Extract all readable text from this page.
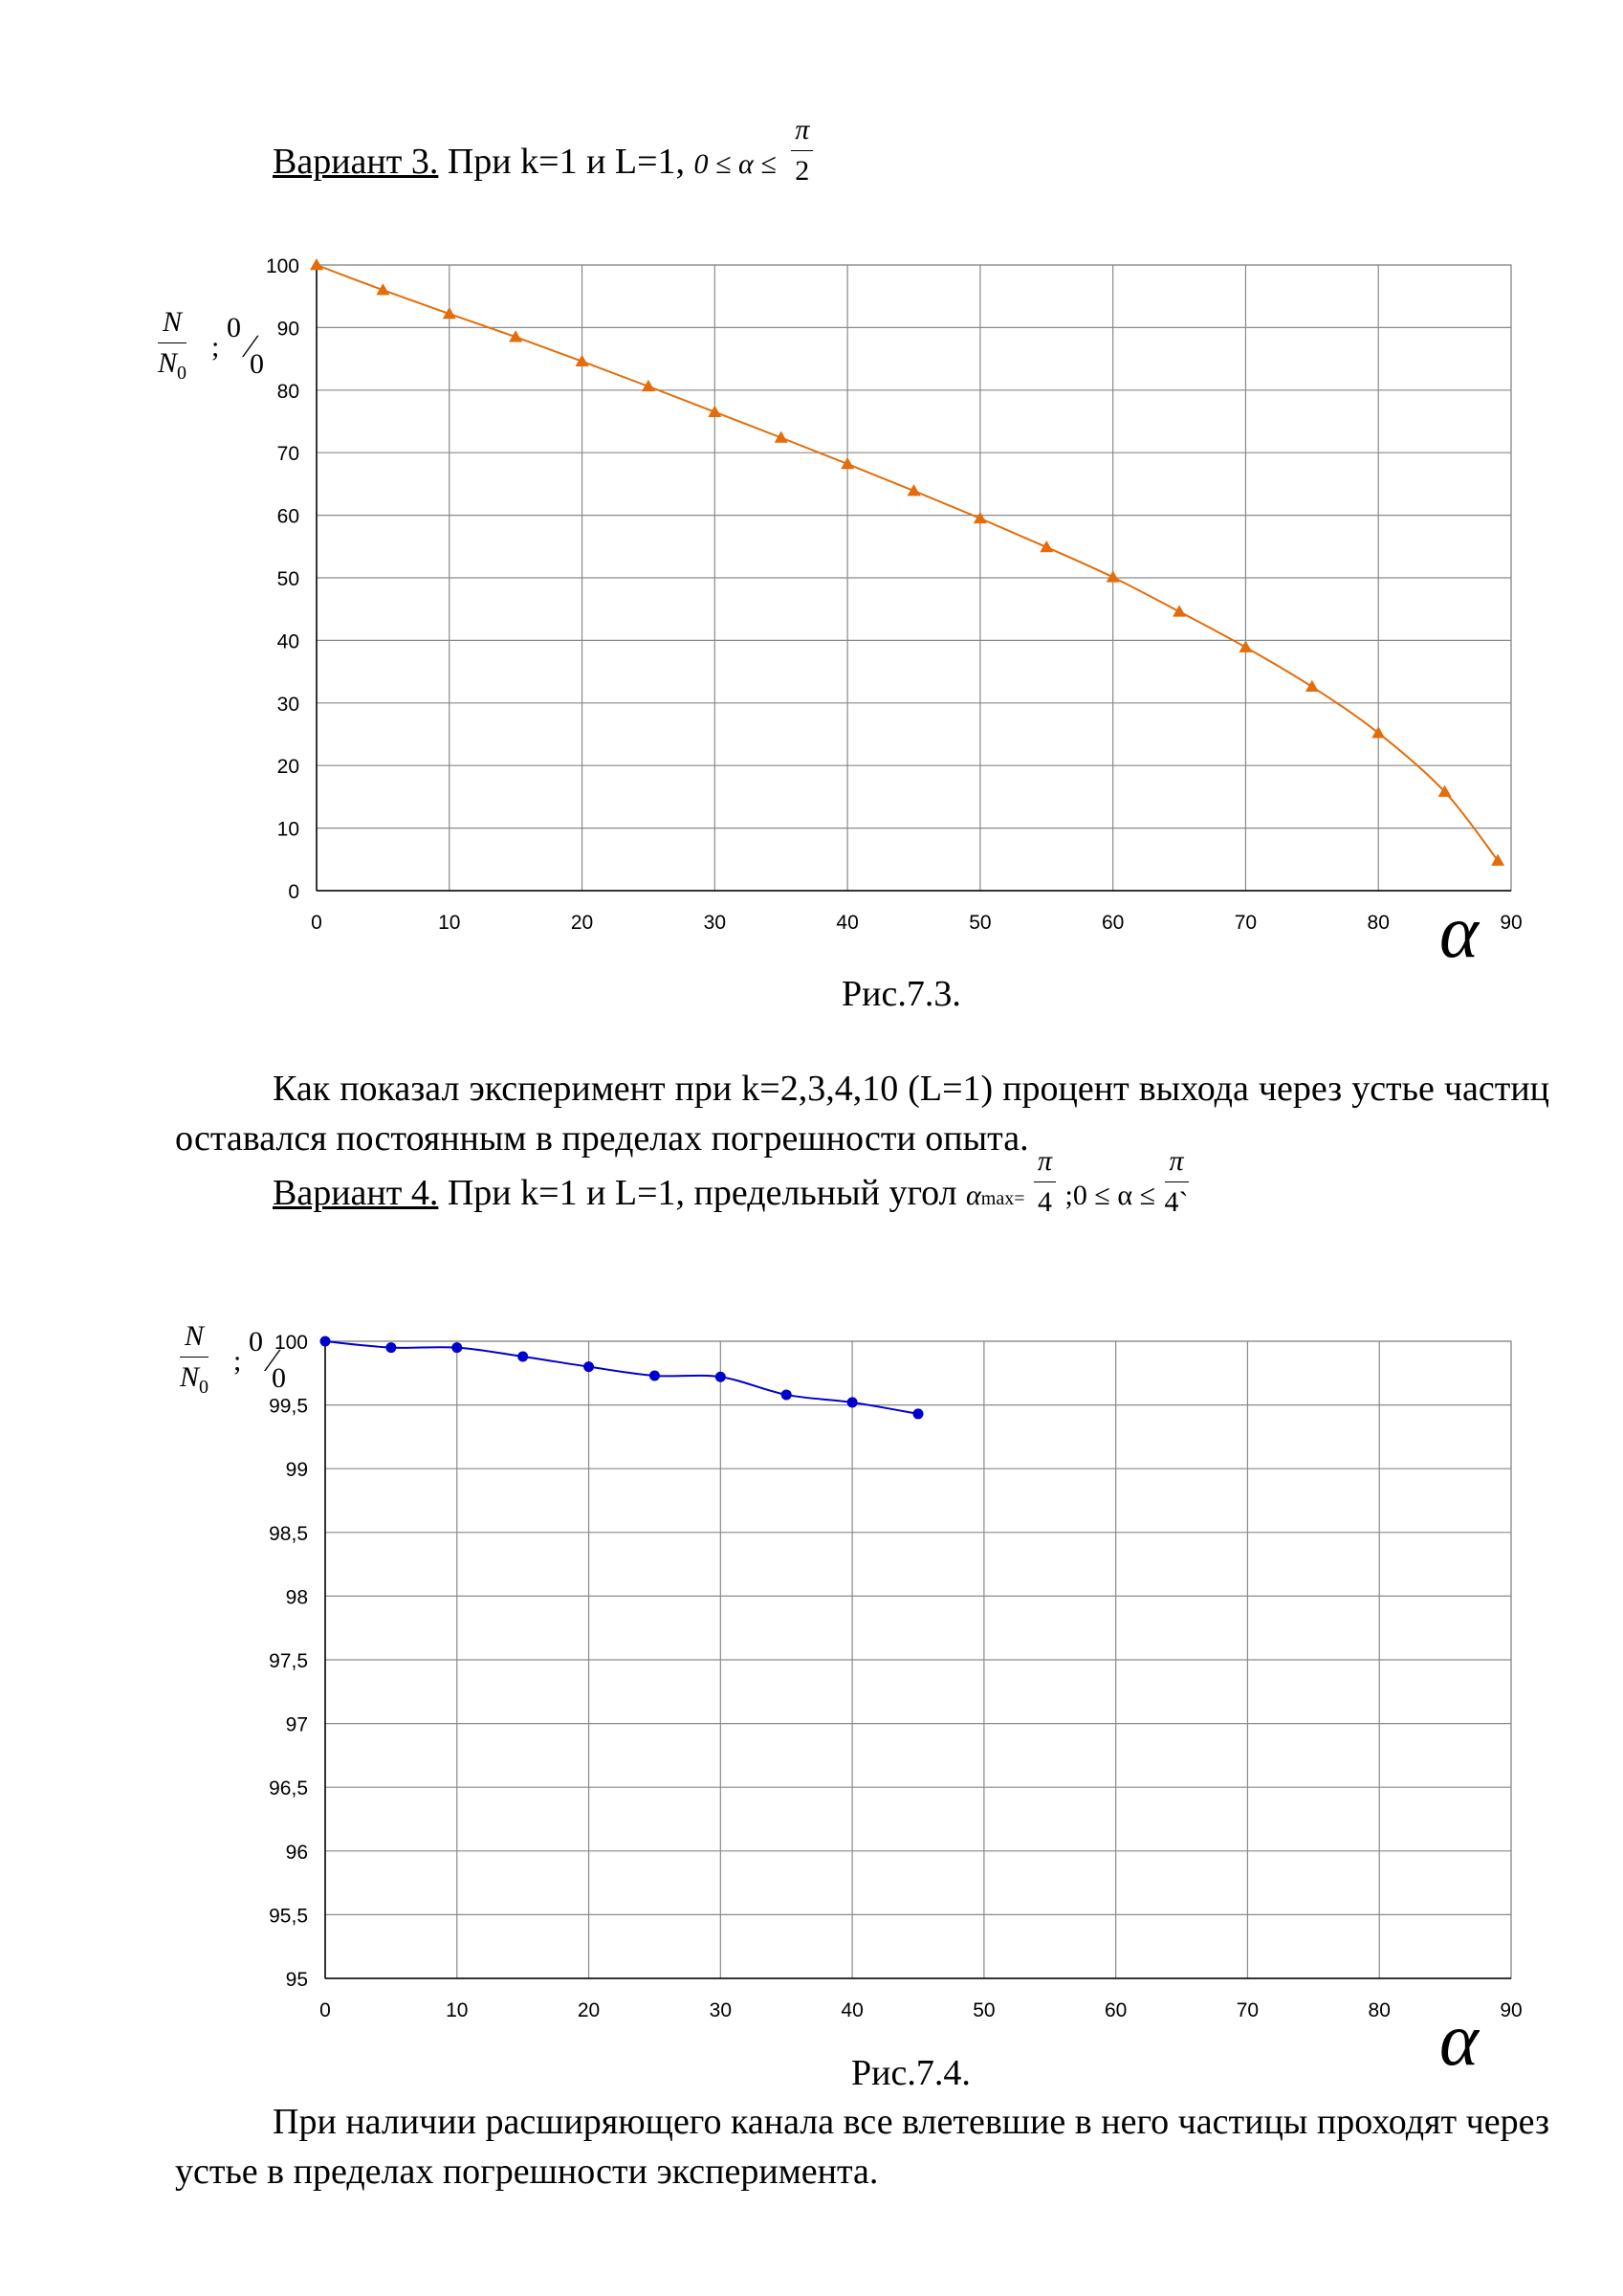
Вариант 3. При k=1 и L=1, $0 \le \alpha \le \frac{\pi}{2}$
0	10	20	30	40	50	60	70	80	90
0
10
20
30
40
50
60
70
80
90
100
α
$\frac{N}{N_0}$ ;
0
∕
0
Рис.7.3.
Как показал эксперимент при k=2,3,4,10 (L=1) процент выхода через устье частиц оставался постоянным в пределах погрешности опыта.
Вариант 4. При k=1 и L=1, предельный угол $\alpha\max= \frac{\pi}{4}$ ;0 ≤ $\alpha \le \frac{\pi}{4`}$
0	10	20	30	40	50	60	70	80	90
95
95,5
96
96,5
97
97,5
98
98,5
99
99,5
100
α
$\frac{N}{N_0}$ ;
0
∕
0
Рис.7.4.
При наличии расширяющего канала все влетевшие в него частицы проходят через устье в пределах погрешности эксперимента.
